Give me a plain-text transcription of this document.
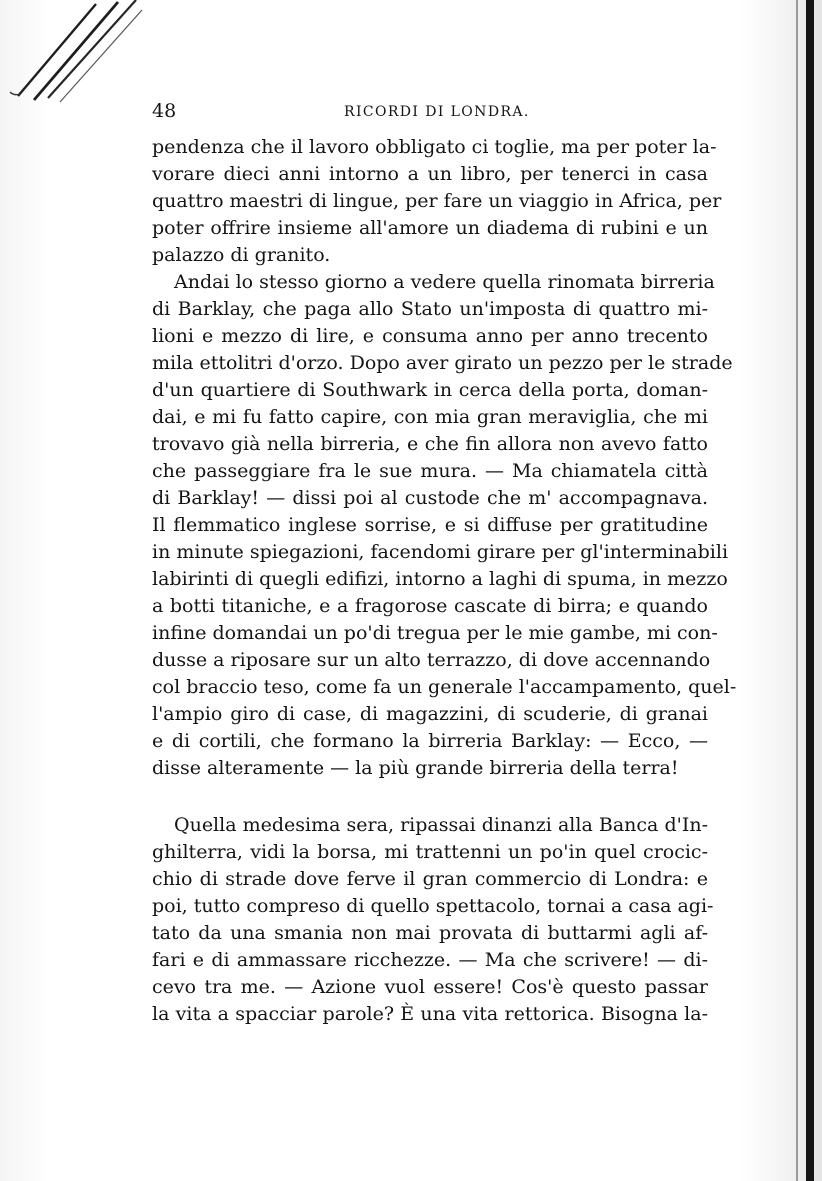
48	RICORDI DI LONDRA.
pendenza che il lavoro obbligato ci toglie, ma per poter la-
vorare dieci anni intorno a un libro, per tenerci in casa
quattro maestri di lingue, per fare un viaggio in Africa, per
poter offrire insieme all'amore un diadema di rubini e un
palazzo di granito.
Andai lo stesso giorno a vedere quella rinomata birreria
di Barklay, che paga allo Stato un'imposta di quattro mi-
lioni e mezzo di lire, e consuma anno per anno trecento
mila ettolitri d'orzo. Dopo aver girato un pezzo per le strade
d'un quartiere di Southwark in cerca della porta, doman-
dai, e mi fu fatto capire, con mia gran meraviglia, che mi
trovavo già nella birreria, e che fin allora non avevo fatto
che passeggiare fra le sue mura. — Ma chiamatela città
di Barklay! — dissi poi al custode che m' accompagnava.
Il flemmatico inglese sorrise, e si diffuse per gratitudine
in minute spiegazioni, facendomi girare per gl'interminabili
labirinti di quegli edifizi, intorno a laghi di spuma, in mezzo
a botti titaniche, e a fragorose cascate di birra; e quando
infine domandai un po'di tregua per le mie gambe, mi con-
dusse a riposare sur un alto terrazzo, di dove accennando
col braccio teso, come fa un generale l'accampamento, quel-
l'ampio giro di case, di magazzini, di scuderie, di granai
e di cortili, che formano la birreria Barklay: — Ecco, —
disse alteramente — la più grande birreria della terra!
Quella medesima sera, ripassai dinanzi alla Banca d'In-
ghilterra, vidi la borsa, mi trattenni un po'in quel crocic-
chio di strade dove ferve il gran commercio di Londra: e
poi, tutto compreso di quello spettacolo, tornai a casa agi-
tato da una smania non mai provata di buttarmi agli af-
fari e di ammassare ricchezze. — Ma che scrivere! — di-
cevo tra me. — Azione vuol essere! Cos'è questo passar
la vita a spacciar parole? È una vita rettorica. Bisogna la-
